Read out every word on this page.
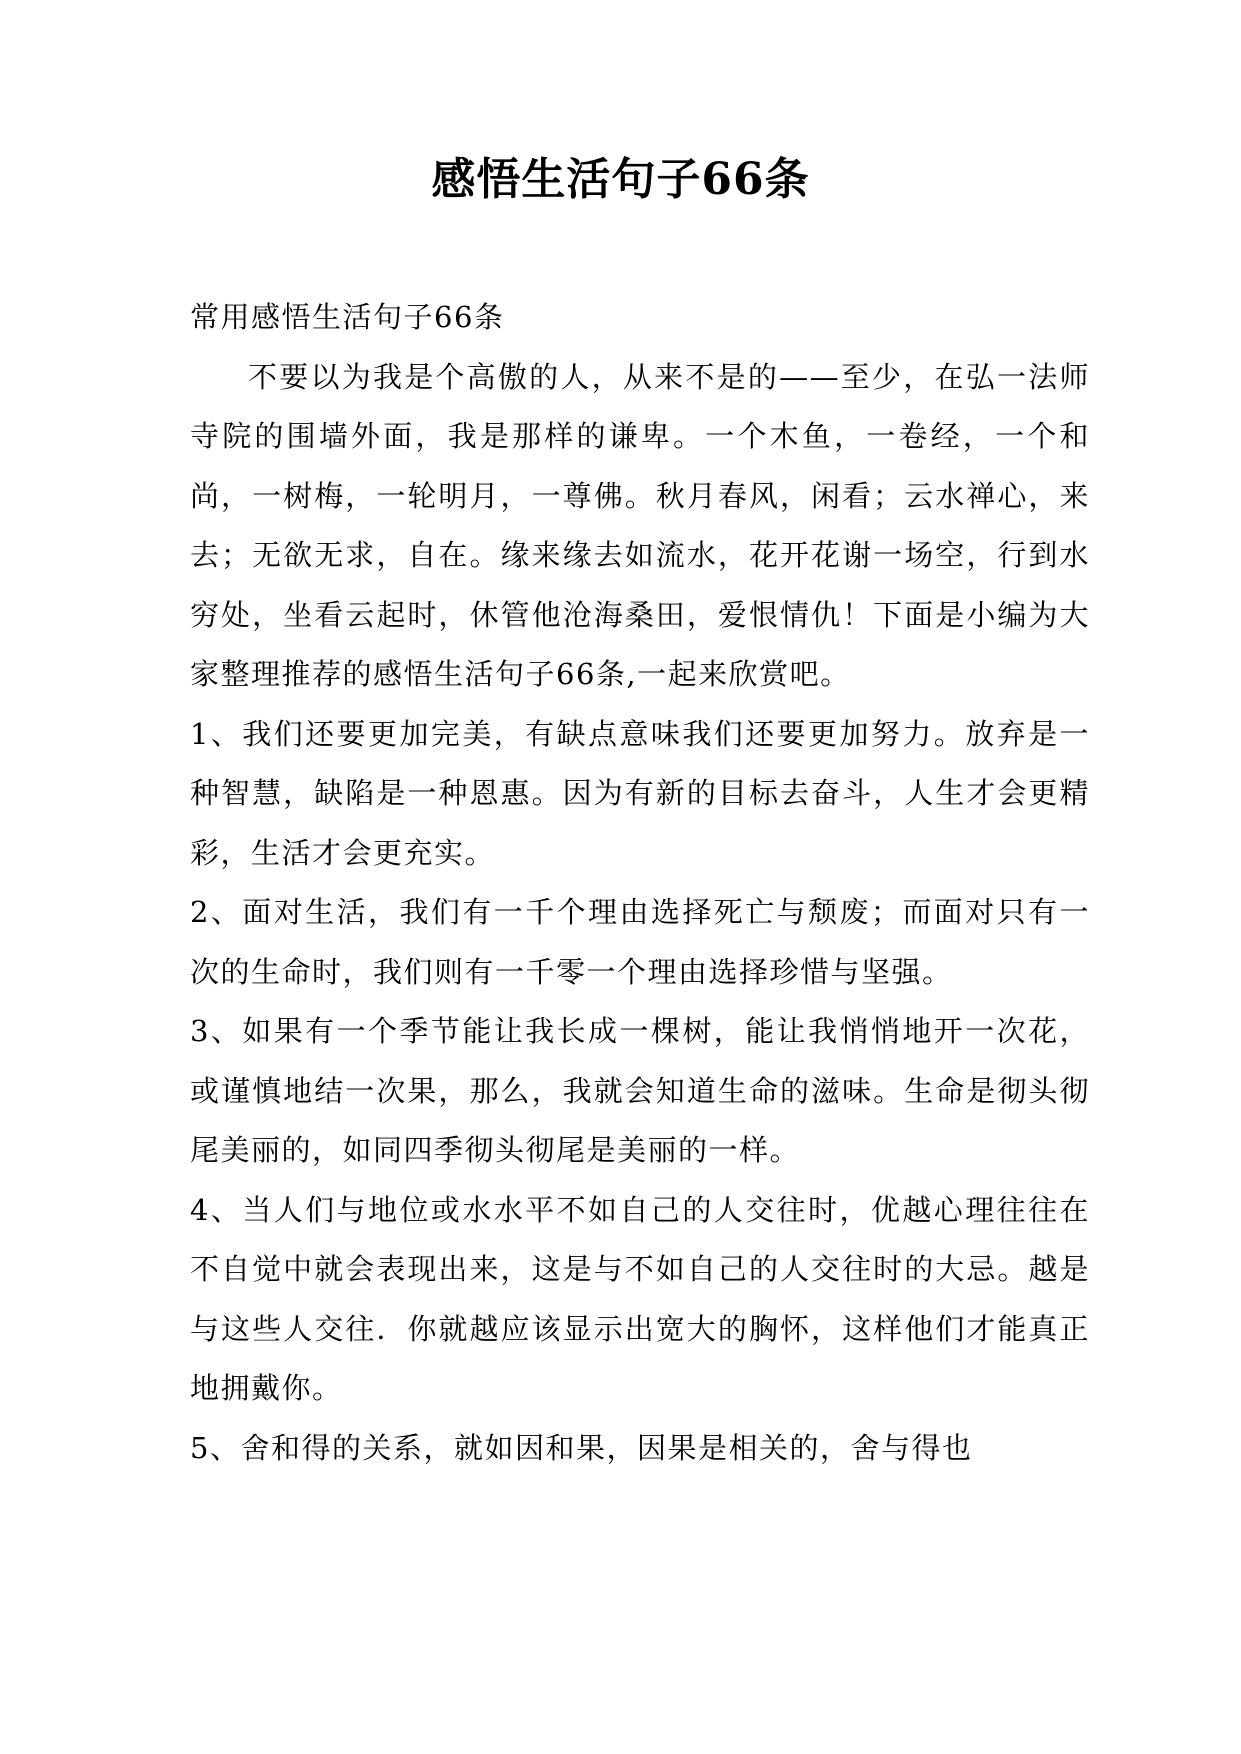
感悟生活句子66条

常用感悟生活句子66条

不要以为我是个高傲的人，从来不是的——至少，在弘一法师寺院的围墙外面，我是那样的谦卑。一个木鱼，一卷经，一个和尚，一树梅，一轮明月，一尊佛。秋月春风，闲看；云水禅心，来去；无欲无求，自在。缘来缘去如流水，花开花谢一场空，行到水穷处，坐看云起时，休管他沧海桑田，爱恨情仇！下面是小编为大家整理推荐的感悟生活句子66条,一起来欣赏吧。

1、我们还要更加完美，有缺点意味我们还要更加努力。放弃是一种智慧，缺陷是一种恩惠。因为有新的目标去奋斗，人生才会更精彩，生活才会更充实。

2、面对生活，我们有一千个理由选择死亡与颓废；而面对只有一次的生命时，我们则有一千零一个理由选择珍惜与坚强。

3、如果有一个季节能让我长成一棵树，能让我悄悄地开一次花，或谨慎地结一次果，那么，我就会知道生命的滋味。生命是彻头彻尾美丽的，如同四季彻头彻尾是美丽的一样。

4、当人们与地位或水水平不如自己的人交往时，优越心理往往在不自觉中就会表现出来，这是与不如自己的人交往时的大忌。越是与这些人交往．你就越应该显示出宽大的胸怀，这样他们才能真正地拥戴你。

5、舍和得的关系，就如因和果，因果是相关的，舍与得也
